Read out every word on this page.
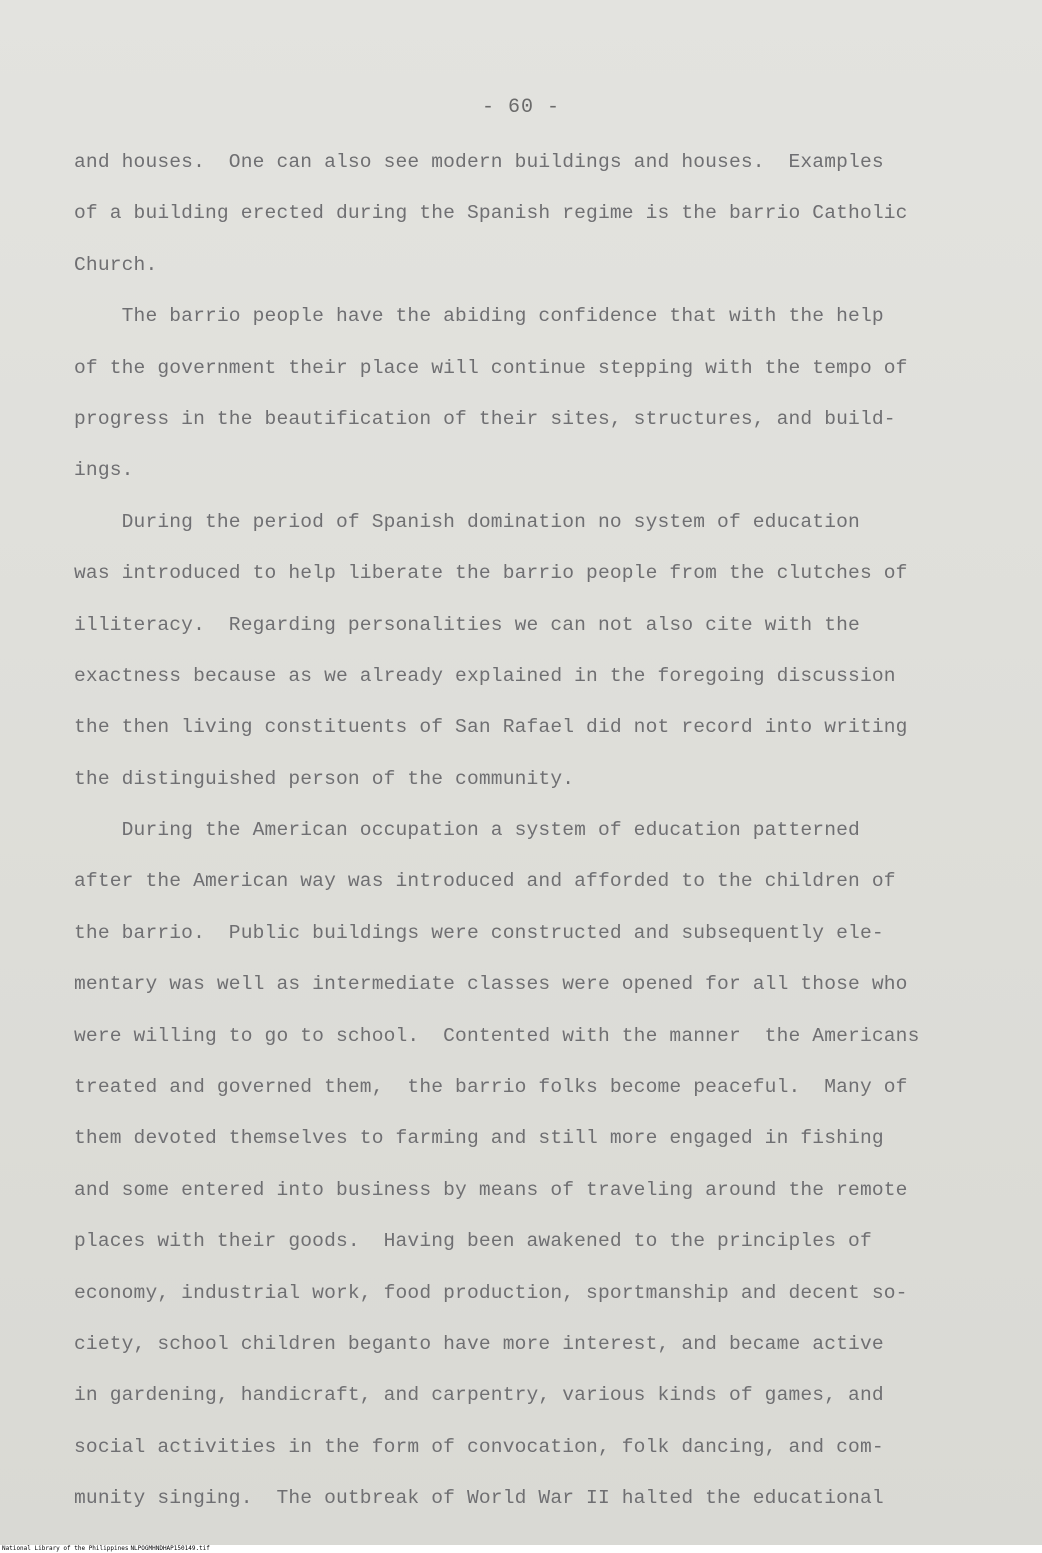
- 60 -
and houses.  One can also see modern buildings and houses.  Examples
of a building erected during the Spanish regime is the barrio Catholic
Church.
The barrio people have the abiding confidence that with the help
of the government their place will continue stepping with the tempo of
progress in the beautification of their sites, structures, and build-
ings.
During the period of Spanish domination no system of education
was introduced to help liberate the barrio people from the clutches of
illiteracy.  Regarding personalities we can not also cite with the
exactness because as we already explained in the foregoing discussion
the then living constituents of San Rafael did not record into writing
the distinguished person of the community.
During the American occupation a system of education patterned
after the American way was introduced and afforded to the children of
the barrio.  Public buildings were constructed and subsequently ele-
mentary was well as intermediate classes were opened for all those who
were willing to go to school.  Contented with the manner  the Americans
treated and governed them,  the barrio folks become peaceful.  Many of
them devoted themselves to farming and still more engaged in fishing
and some entered into business by means of traveling around the remote
places with their goods.  Having been awakened to the principles of
economy, industrial work, food production, sportmanship and decent so-
ciety, school children beganto have more interest, and became active
in gardening, handicraft, and carpentry, various kinds of games, and
social activities in the form of convocation, folk dancing, and com-
munity singing.  The outbreak of World War II halted the educational
National Library of the Philippines NLPOGMHNDHAP150149.tif
